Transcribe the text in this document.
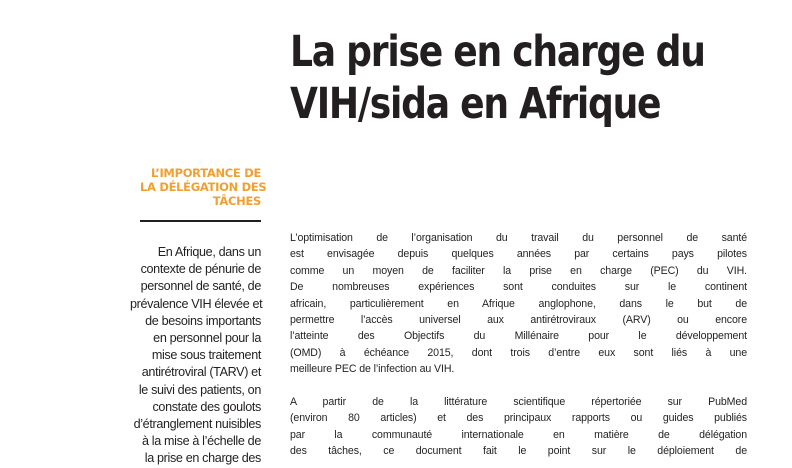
La prise en charge du
VIH/sida en Afrique
L’IMPORTANCE DE
LA DÉLÉGATION DES
TÂCHES
En Afrique, dans un
contexte de pénurie de
personnel de santé, de
prévalence VIH élevée et
de besoins importants
en personnel pour la
mise sous traitement
antirétroviral (TARV) et
le suivi des patients, on
constate des goulots
d’étranglement nuisibles
à la mise à l’échelle de
la prise en charge des

L’optimisation de l’organisation du travail du personnel de santé
est envisagée depuis quelques années par certains pays pilotes
comme un moyen de faciliter la prise en charge (PEC) du VIH.
De nombreuses expériences sont conduites sur le continent
africain, particulièrement en Afrique anglophone, dans le but de
permettre l’accès universel aux antirétroviraux (ARV) ou encore
l’atteinte des Objectifs du Millénaire pour le développement
(OMD) à échéance 2015, dont trois d’entre eux sont liés à une
meilleure PEC de l’infection au VIH.

A partir de la littérature scientifique répertoriée sur PubMed
(environ 80 articles) et des principaux rapports ou guides publiés
par la communauté internationale en matière de délégation
des tâches, ce document fait le point sur le déploiement de
